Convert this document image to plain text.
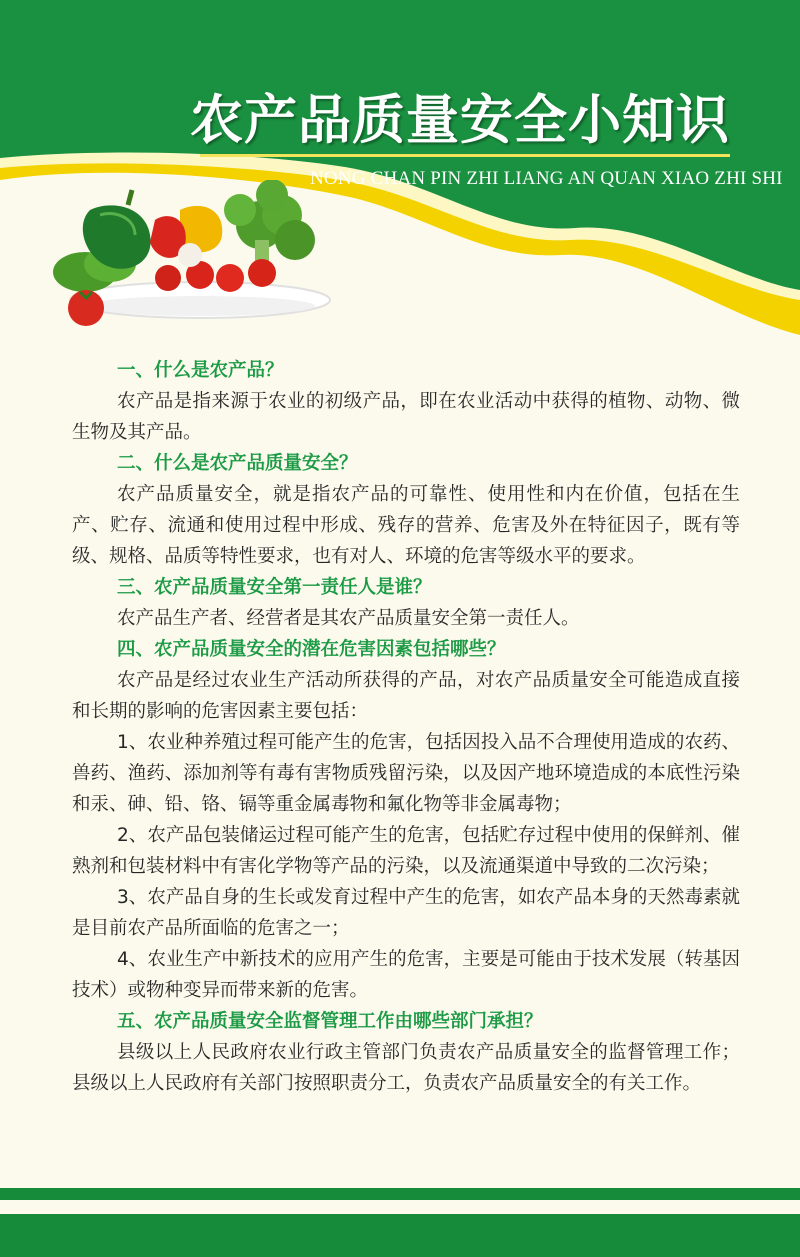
农产品质量安全小知识
NONG CHAN PIN ZHI LIANG AN QUAN XIAO ZHI SHI

一、什么是农产品？

农产品是指来源于农业的初级产品，即在农业活动中获得的植物、动物、微生物及其产品。

二、什么是农产品质量安全？

农产品质量安全，就是指农产品的可靠性、使用性和内在价值，包括在生产、贮存、流通和使用过程中形成、残存的营养、危害及外在特征因子，既有等级、规格、品质等特性要求，也有对人、环境的危害等级水平的要求。

三、农产品质量安全第一责任人是谁？

农产品生产者、经营者是其农产品质量安全第一责任人。

四、农产品质量安全的潜在危害因素包括哪些？

农产品是经过农业生产活动所获得的产品，对农产品质量安全可能造成直接和长期的影响的危害因素主要包括：

1、农业种养殖过程可能产生的危害，包括因投入品不合理使用造成的农药、兽药、渔药、添加剂等有毒有害物质残留污染，以及因产地环境造成的本底性污染和汞、砷、铅、铬、镉等重金属毒物和氟化物等非金属毒物；

2、农产品包装储运过程可能产生的危害，包括贮存过程中使用的保鲜剂、催熟剂和包装材料中有害化学物等产品的污染，以及流通渠道中导致的二次污染；

3、农产品自身的生长或发育过程中产生的危害，如农产品本身的天然毒素就是目前农产品所面临的危害之一；

4、农业生产中新技术的应用产生的危害，主要是可能由于技术发展（转基因技术）或物种变异而带来新的危害。

五、农产品质量安全监督管理工作由哪些部门承担？

县级以上人民政府农业行政主管部门负责农产品质量安全的监督管理工作；县级以上人民政府有关部门按照职责分工，负责农产品质量安全的有关工作。
